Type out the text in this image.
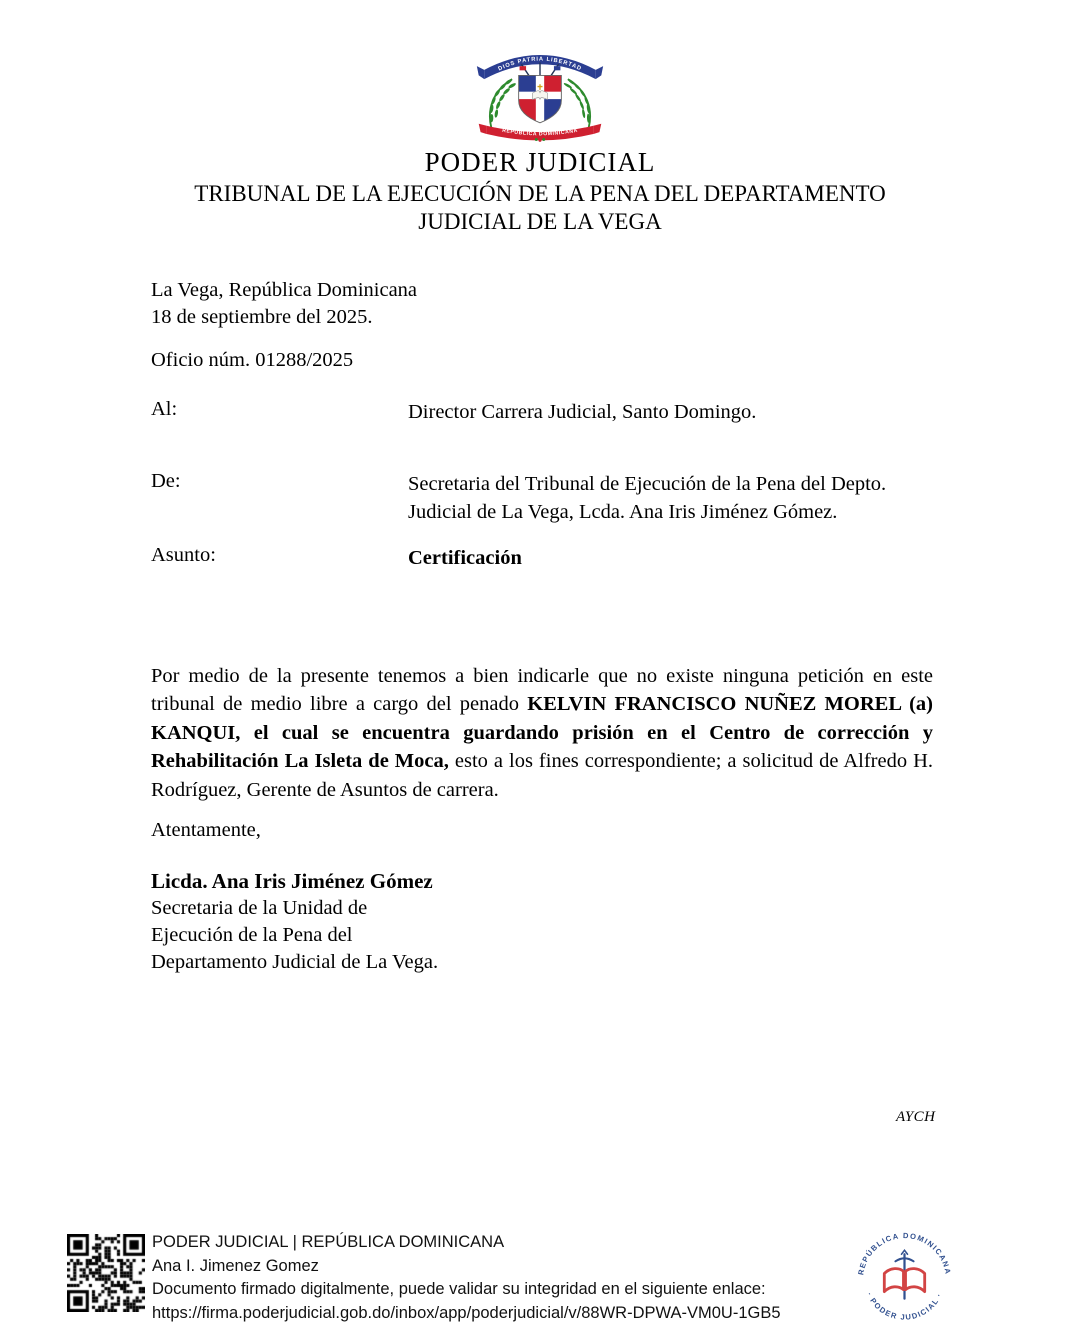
DIOS PATRIA LIBERTAD
REPÚBLICA DOMINICANA
PODER JUDICIAL
TRIBUNAL DE LA EJECUCIÓN DE LA PENA DEL DEPARTAMENTO
JUDICIAL DE LA VEGA
La Vega, República Dominicana
18 de septiembre del 2025.
Oficio núm. 01288/2025
Al:	Director Carrera Judicial, Santo Domingo.
De:	Secretaria del Tribunal de Ejecución de la Pena del Depto.
Judicial de La Vega, Lcda. Ana Iris Jiménez Gómez.
Asunto:	Certificación

Por medio de la presente tenemos a bien indicarle que no existe ninguna petición en este tribunal de medio libre a cargo del penado KELVIN FRANCISCO NUÑEZ MOREL (a) KANQUI, el cual se encuentra guardando prisión en el Centro de corrección y Rehabilitación La Isleta de Moca, esto a los fines correspondiente; a solicitud de Alfredo H. Rodríguez, Gerente de Asuntos de carrera.

Atentamente,
Licda. Ana Iris Jiménez Gómez
Secretaria de la Unidad de
Ejecución de la Pena del
Departamento Judicial de La Vega.
AYCH
PODER JUDICIAL | REPÚBLICA DOMINICANA
Ana I. Jimenez Gomez
Documento firmado digitalmente, puede validar su integridad en el siguiente enlace:
https://firma.poderjudicial.gob.do/inbox/app/poderjudicial/v/88WR-DPWA-VM0U-1GB5
REPÚBLICA DOMINICANA
· PODER JUDICIAL ·
